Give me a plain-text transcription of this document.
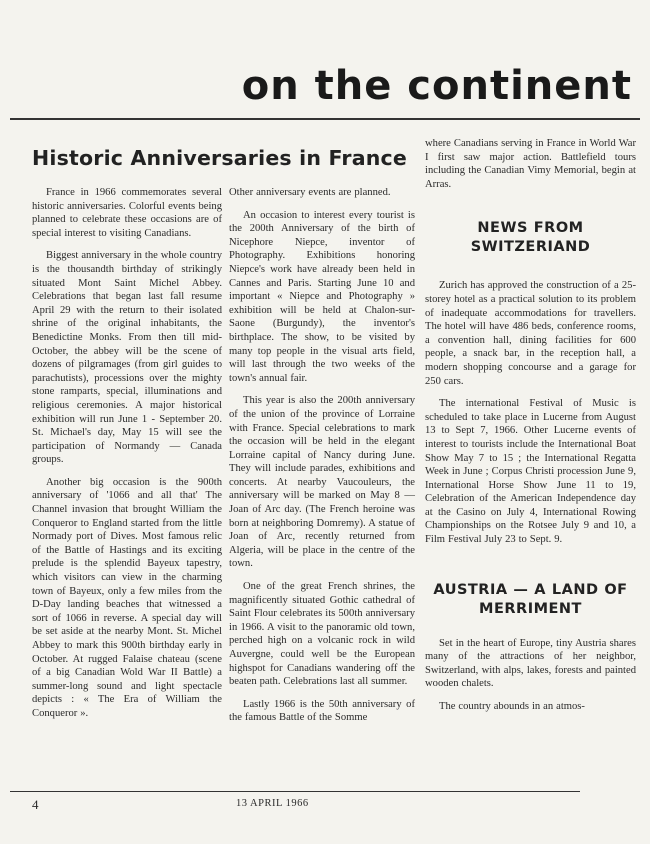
on the continent
Historic Anniversaries in France

France in 1966 commemorates several historic anniversaries. Colorful events being planned to celebrate these occasions are of special interest to visiting Canadians.

Biggest anniversary in the whole country is the thousandth birthday of strikingly situated Mont Saint Michel Abbey. Celebrations that began last fall resume April 29 with the return to their isolated shrine of the original inhabitants, the Benedictine Monks. From then till mid-October, the abbey will be the scene of dozens of pilgramages (from girl guides to parachutists), processions over the mighty stone ramparts, special, illuminations and religious ceremonies. A major historical exhibition will run June 1 - September 20. St. Michael's day, May 15 will see the participation of Normandy — Canada groups.

Another big occasion is the 900th anniversary of '1066 and all that' The Channel invasion that brought William the Conqueror to England started from the little Normady port of Dives. Most famous relic of the Battle of Hastings and its exciting prelude is the splendid Bayeux tapestry, which visitors can view in the charming town of Bayeux, only a few miles from the D-Day landing beaches that witnessed a sort of 1066 in reverse. A special day will be set aside at the nearby Mont. St. Michel Abbey to mark this 900th birthday early in October. At rugged Falaise chateau (scene of a big Canadian Wold War II Battle) a summer-long sound and light spectacle depicts : « The Era of William the Conqueror ».

Other anniversary events are planned.

An occasion to interest every tourist is the 200th Anniversary of the birth of Nicephore Niepce, inventor of Photography. Exhibitions honoring Niepce's work have already been held in Cannes and Paris. Starting June 10 and important « Niepce and Photography » exhibition will be held at Chalon-sur-Saone (Burgundy), the inventor's birthplace. The show, to be visited by many top people in the visual arts field, will last through the two weeks of the town's annual fair.

This year is also the 200th anniversary of the union of the province of Lorraine with France. Special celebrations to mark the occasion will be held in the elegant Lorraine capital of Nancy during June. They will include parades, exhibitions and concerts. At nearby Vaucouleurs, the anniversary will be marked on May 8 — Joan of Arc day. (The French heroine was born at neighboring Domremy). A statue of Joan of Arc, recently returned from Algeria, will be place in the centre of the town.

One of the great French shrines, the magnificently situated Gothic cathedral of Saint Flour celebrates its 500th anniversary in 1966. A visit to the panoramic old town, perched high on a volcanic rock in wild Auvergne, could well be the European highspot for Canadians wandering off the beaten path. Celebrations last all summer.

Lastly 1966 is the 50th anniversary of the famous Battle of the Somme

where Canadians serving in France in World War I first saw major action. Battlefield tours including the Canadian Vimy Memorial, begin at Arras.

NEWS FROM
SWITZERIAND

Zurich has approved the construction of a 25-storey hotel as a practical solution to its problem of inadequate accommodations for travellers. The hotel will have 486 beds, conference rooms, a convention hall, dining facilities for 600 people, a snack bar, in the reception hall, a modern shopping concourse and a garage for 250 cars.

The international Festival of Music is scheduled to take place in Lucerne from August 13 to Sept 7, 1966. Other Lucerne events of interest to tourists include the International Boat Show May 7 to 15 ; the International Regatta Week in June ; Corpus Christi procession June 9, International Horse Show June 11 to 19, Celebration of the American Independence day at the Casino on July 4, International Rowing Championships on the Rotsee July 9 and 10, a Film Festival July 23 to Sept. 9.

AUSTRIA — A LAND OF
MERRIMENT

Set in the heart of Europe, tiny Austria shares many of the attractions of her neighbor, Switzerland, with alps, lakes, forests and painted wooden chalets.

The country abounds in an atmos-

4	13 APRIL 1966
